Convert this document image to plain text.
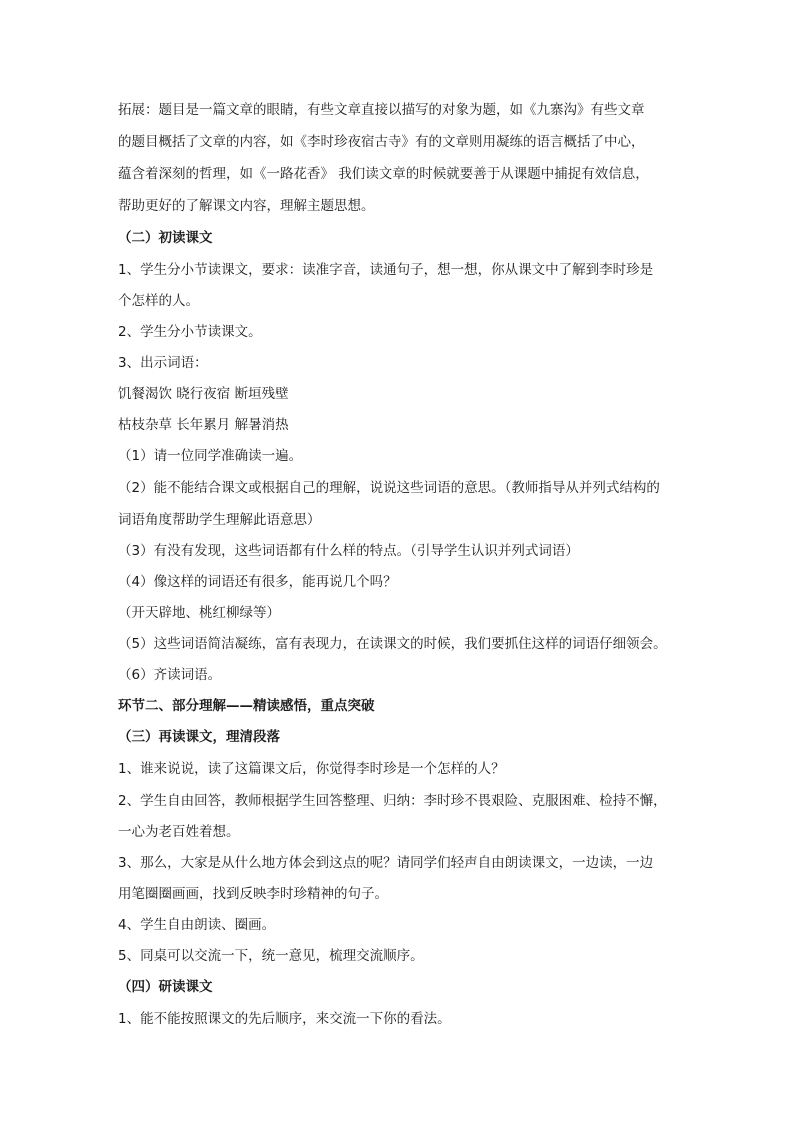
拓展：题目是一篇文章的眼睛，有些文章直接以描写的对象为题，如《九寨沟》有些文章
的题目概括了文章的内容，如《李时珍夜宿古寺》有的文章则用凝练的语言概括了中心，
蕴含着深刻的哲理，如《一路花香》 我们读文章的时候就要善于从课题中捕捉有效信息，
帮助更好的了解课文内容，理解主题思想。
（二）初读课文
1、学生分小节读课文，要求：读准字音，读通句子，想一想，你从课文中了解到李时珍是
个怎样的人。
2、学生分小节读课文。
3、出示词语：
饥餐渴饮 晓行夜宿 断垣残壁
枯枝杂草 长年累月 解暑消热
（1）请一位同学准确读一遍。
（2）能不能结合课文或根据自己的理解，说说这些词语的意思。（教师指导从并列式结构的
词语角度帮助学生理解此语意思）
（3）有没有发现，这些词语都有什么样的特点。（引导学生认识并列式词语）
（4）像这样的词语还有很多，能再说几个吗？
（开天辟地、桃红柳绿等）
（5）这些词语简洁凝练，富有表现力，在读课文的时候，我们要抓住这样的词语仔细领会。
（6）齐读词语。
环节二、部分理解——精读感悟，重点突破
（三）再读课文，理清段落
1、谁来说说，读了这篇课文后，你觉得李时珍是一个怎样的人？
2、学生自由回答，教师根据学生回答整理、归纳：李时珍不畏艰险、克服困难、检持不懈，
一心为老百姓着想。
3、那么，大家是从什么地方体会到这点的呢？请同学们轻声自由朗读课文，一边读，一边
用笔圈圈画画，找到反映李时珍精神的句子。
4、学生自由朗读、圈画。
5、同桌可以交流一下，统一意见，梳理交流顺序。
（四）研读课文
1、能不能按照课文的先后顺序，来交流一下你的看法。
